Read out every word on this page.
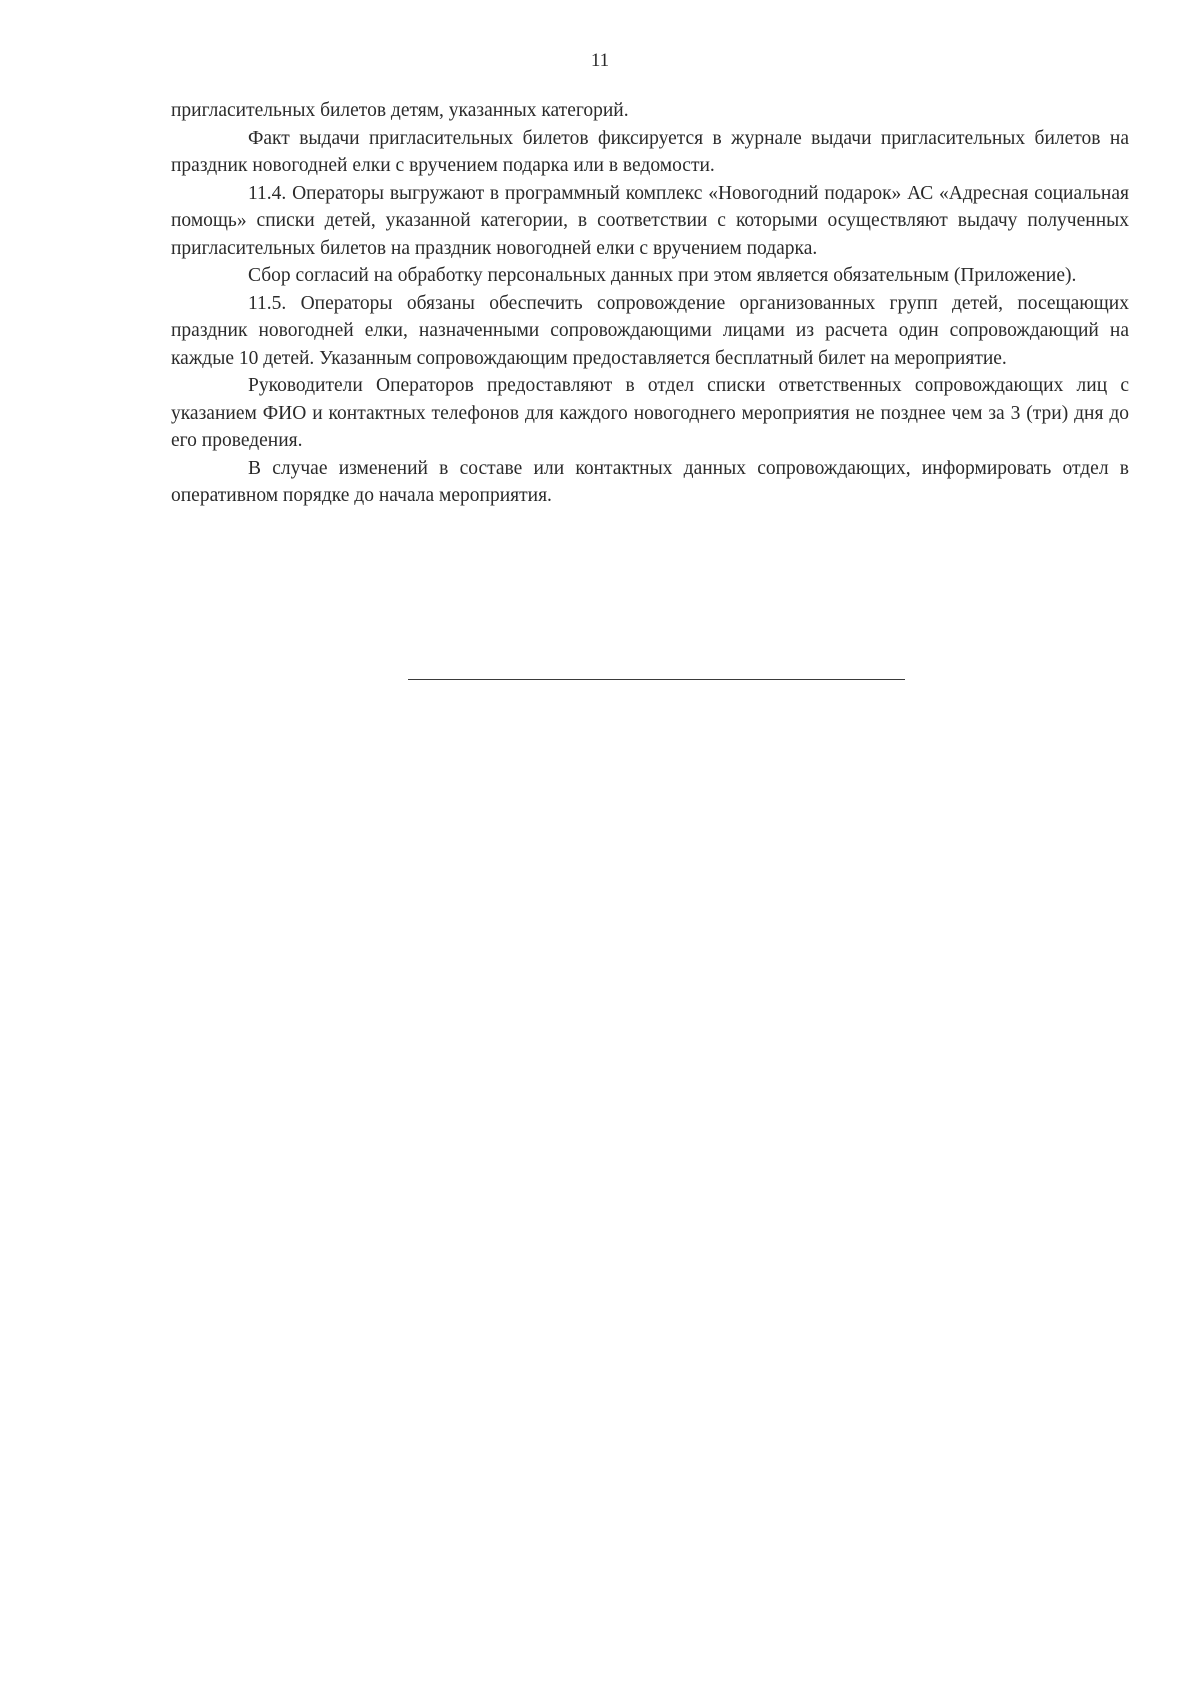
11

пригласительных билетов детям, указанных категорий.

Факт выдачи пригласительных билетов фиксируется в журнале выдачи пригласительных билетов на праздник новогодней елки с вручением подарка или в ведомости.

11.4. Операторы выгружают в программный комплекс «Новогодний подарок» АС «Адресная социальная помощь» списки детей, указанной категории, в соответствии с которыми осуществляют выдачу полученных пригласительных билетов на праздник новогодней елки с вручением подарка.

Сбор согласий на обработку персональных данных при этом является обязательным (Приложение).

11.5. Операторы обязаны обеспечить сопровождение организованных групп детей, посещающих праздник новогодней елки, назначенными сопровождающими лицами из расчета один сопровождающий на каждые 10 детей. Указанным сопровождающим предоставляется бесплатный билет на мероприятие.

Руководители Операторов предоставляют в отдел списки ответственных сопровождающих лиц с указанием ФИО и контактных телефонов для каждого новогоднего мероприятия не позднее чем за 3 (три) дня до его проведения.

В случае изменений в составе или контактных данных сопровождающих, информировать отдел в оперативном порядке до начала мероприятия.
